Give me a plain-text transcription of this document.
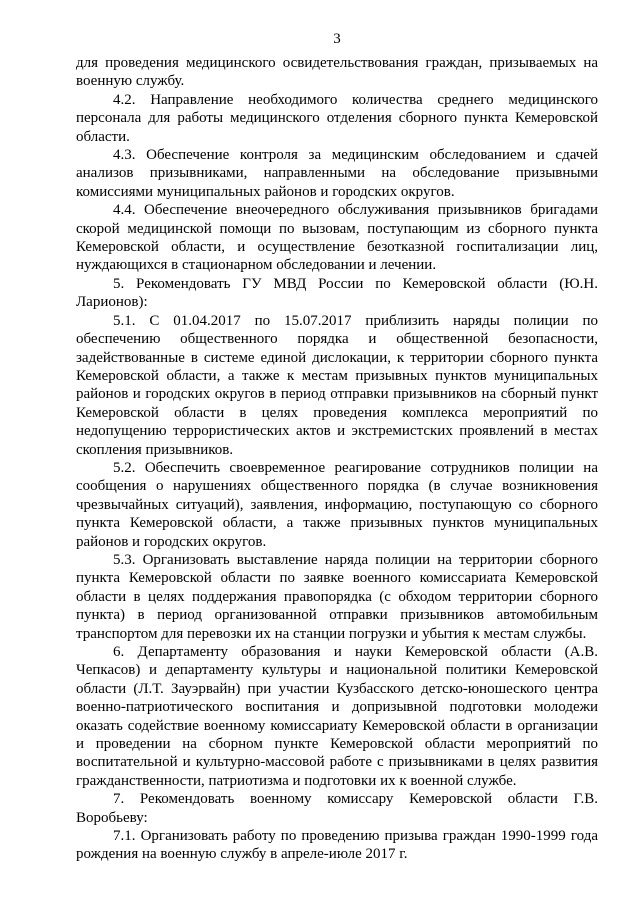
3

для проведения медицинского освидетельствования граждан, призываемых на военную службу.

4.2. Направление необходимого количества среднего медицинского персонала для работы медицинского отделения сборного пункта Кемеровской области.

4.3. Обеспечение контроля за медицинским обследованием и сдачей анализов призывниками, направленными на обследование призывными комиссиями муниципальных районов и городских округов.

4.4. Обеспечение внеочередного обслуживания призывников бригадами скорой медицинской помощи по вызовам, поступающим из сборного пункта Кемеровской области, и осуществление безотказной госпитализации лиц, нуждающихся в стационарном обследовании и лечении.

5. Рекомендовать ГУ МВД России по Кемеровской области (Ю.Н. Ларионов):

5.1. С 01.04.2017 по 15.07.2017 приблизить наряды полиции по обеспечению общественного порядка и общественной безопасности, задействованные в системе единой дислокации, к территории сборного пункта Кемеровской области, а также к местам призывных пунктов муниципальных районов и городских округов в период отправки призывников на сборный пункт Кемеровской области в целях проведения комплекса мероприятий по недопущению террористических актов и экстремистских проявлений в местах скопления призывников.

5.2. Обеспечить своевременное реагирование сотрудников полиции на сообщения о нарушениях общественного порядка (в случае возникновения чрезвычайных ситуаций), заявления, информацию, поступающую со сборного пункта Кемеровской области, а также призывных пунктов муниципальных районов и городских округов.

5.3. Организовать выставление наряда полиции на территории сборного пункта Кемеровской области по заявке военного комиссариата Кемеровской области в целях поддержания правопорядка (с обходом территории сборного пункта) в период организованной отправки призывников автомобильным транспортом для перевозки их на станции погрузки и убытия к местам службы.

6. Департаменту образования и науки Кемеровской области (А.В. Чепкасов) и департаменту культуры и национальной политики Кемеровской области (Л.Т. Зауэрвайн) при участии Кузбасского детско-юношеского центра военно-патриотического воспитания и допризывной подготовки молодежи оказать содействие военному комиссариату Кемеровской области в организации и проведении на сборном пункте Кемеровской области мероприятий по воспитательной и культурно-массовой работе с призывниками в целях развития гражданственности, патриотизма и подготовки их к военной службе.

7. Рекомендовать военному комиссару Кемеровской области Г.В. Воробьеву:

7.1. Организовать работу по проведению призыва граждан 1990-1999 года рождения на военную службу в апреле-июле 2017 г.
